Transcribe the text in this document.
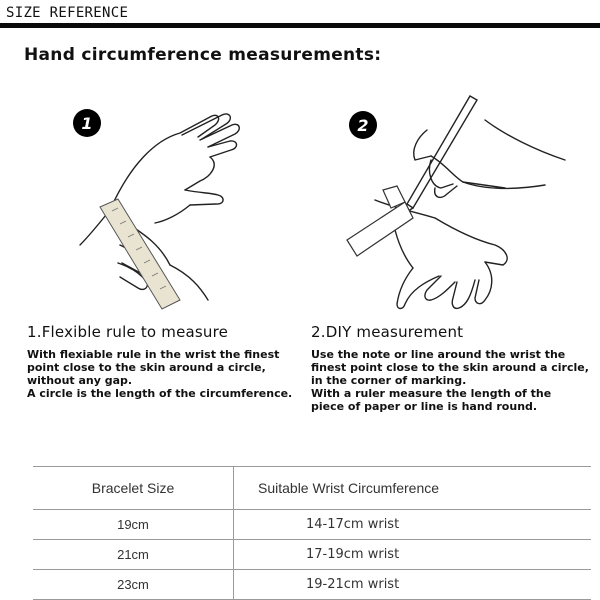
SIZE REFERENCE
Hand circumference measurements:
1	2
1.Flexible rule to measure
With flexiable rule in the wrist the finest
point close to the skin around a circle,
without any gap.
A circle is the length of the circumference.
2.DIY measurement
Use the note or line around the wrist the
finest point close to the skin around a circle,
in the corner of marking.
With a ruler measure the length of the
piece of paper or line is hand round.
Bracelet Size	Suitable Wrist Circumference
19cm	14-17cm wrist
21cm	17-19cm wrist
23cm	19-21cm wrist
